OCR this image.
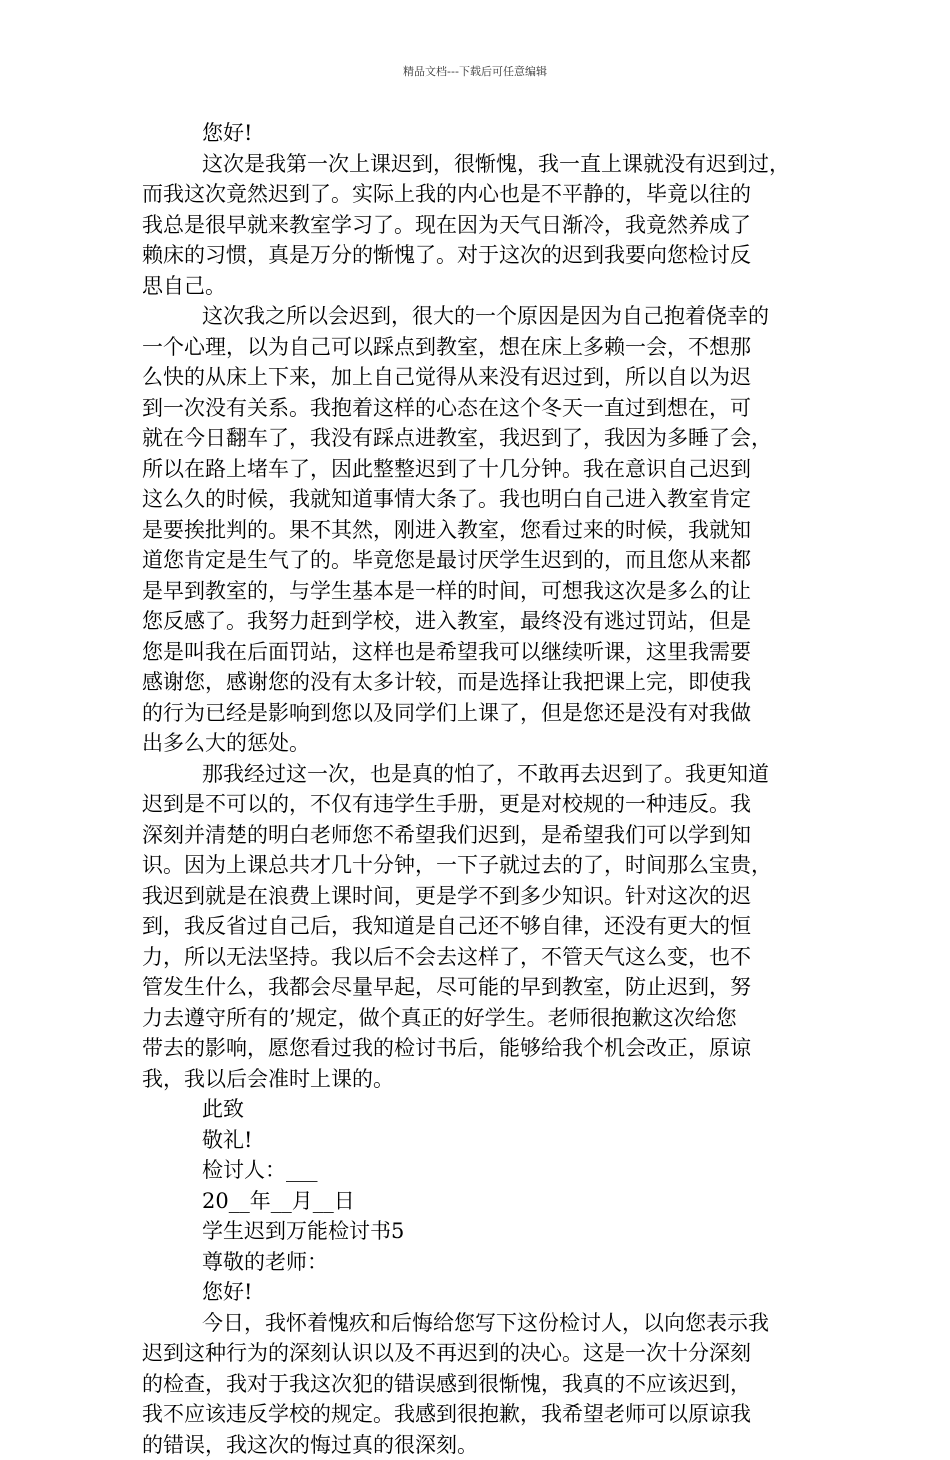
精品文档---下载后可任意编辑
您好!
这次是我第一次上课迟到，很惭愧，我一直上课就没有迟到过，
而我这次竟然迟到了。实际上我的内心也是不平静的，毕竟以往的
我总是很早就来教室学习了。现在因为天气日渐冷，我竟然养成了
赖床的习惯，真是万分的惭愧了。对于这次的迟到我要向您检讨反
思自己。
这次我之所以会迟到，很大的一个原因是因为自己抱着侥幸的
一个心理，以为自己可以踩点到教室，想在床上多赖一会，不想那
么快的从床上下来，加上自己觉得从来没有迟过到，所以自以为迟
到一次没有关系。我抱着这样的心态在这个冬天一直过到想在，可
就在今日翻车了，我没有踩点进教室，我迟到了，我因为多睡了会，
所以在路上堵车了，因此整整迟到了十几分钟。我在意识自己迟到
这么久的时候，我就知道事情大条了。我也明白自己进入教室肯定
是要挨批判的。果不其然，刚进入教室，您看过来的时候，我就知
道您肯定是生气了的。毕竟您是最讨厌学生迟到的，而且您从来都
是早到教室的，与学生基本是一样的时间，可想我这次是多么的让
您反感了。我努力赶到学校，进入教室，最终没有逃过罚站，但是
您是叫我在后面罚站，这样也是希望我可以继续听课，这里我需要
感谢您，感谢您的没有太多计较，而是选择让我把课上完，即使我
的行为已经是影响到您以及同学们上课了，但是您还是没有对我做
出多么大的惩处。
那我经过这一次，也是真的怕了，不敢再去迟到了。我更知道
迟到是不可以的，不仅有违学生手册，更是对校规的一种违反。我
深刻并清楚的明白老师您不希望我们迟到，是希望我们可以学到知
识。因为上课总共才几十分钟，一下子就过去的了，时间那么宝贵，
我迟到就是在浪费上课时间，更是学不到多少知识。针对这次的迟
到，我反省过自己后，我知道是自己还不够自律，还没有更大的恒
力，所以无法坚持。我以后不会去这样了，不管天气这么变，也不
管发生什么，我都会尽量早起，尽可能的早到教室，防止迟到，努
力去遵守所有的’规定，做个真正的好学生。老师很抱歉这次给您
带去的影响，愿您看过我的检讨书后，能够给我个机会改正，原谅
我，我以后会准时上课的。
此致
敬礼!
检讨人：___
20__年__月__日
学生迟到万能检讨书5
尊敬的老师：
您好!
今日，我怀着愧疚和后悔给您写下这份检讨人，以向您表示我
迟到这种行为的深刻认识以及不再迟到的决心。这是一次十分深刻
的检查，我对于我这次犯的错误感到很惭愧，我真的不应该迟到，
我不应该违反学校的规定。我感到很抱歉，我希望老师可以原谅我
的错误，我这次的悔过真的很深刻。
